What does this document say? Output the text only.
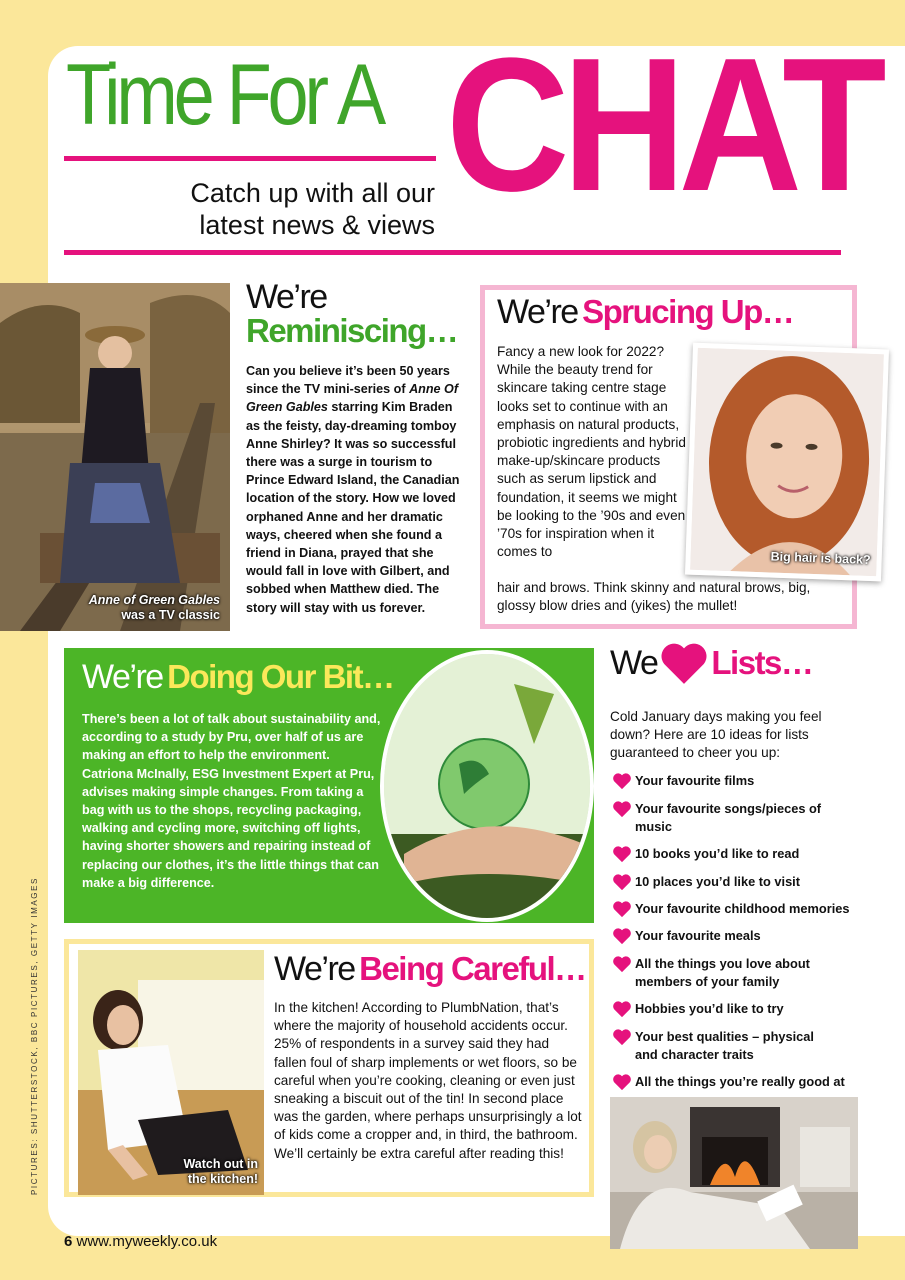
Time For A
Catch up with all our
latest news & views CHAT
Anne of Green Gables
was a TV classic
We’re
Reminiscing…
Can you believe it’s been 50 years since the TV mini-series of Anne Of Green Gables starring Kim Braden as the feisty, day-dreaming tomboy Anne Shirley? It was so successful there was a surge in tourism to Prince Edward Island, the Canadian location of the story. How we loved orphaned Anne and her dramatic ways, cheered when she found a friend in Diana, prayed that she would fall in love with Gilbert, and sobbed when Matthew died. The story will stay with us forever.
We’re Sprucing Up…
Fancy a new look for 2022? While the beauty trend for skincare taking centre stage looks set to continue with an emphasis on natural products, probiotic ingredients and hybrid make-up/skincare products such as serum lipstick and foundation, it seems we might be looking to the ’90s and even ’70s for inspiration when it comes to
hair and brows. Think skinny and natural brows, big, glossy blow dries and (yikes) the mullet!
Big hair is back?
We’re Doing Our Bit…
There’s been a lot of talk about sustainability and, according to a study by Pru, over half of us are making an effort to help the environment. Catriona McInally, ESG Investment Expert at Pru, advises making simple changes. From taking a bag with us to the shops, recycling packaging, walking and cycling more, switching off lights, having shorter showers and repairing instead of replacing our clothes, it’s the little things that can make a big difference.
We Lists…
Cold January days making you feel down? Here are 10 ideas for lists guaranteed to cheer you up:
Your favourite films
Your favourite songs/pieces of music
10 books you’d like to read
10 places you’d like to visit
Your favourite childhood memories
Your favourite meals
All the things you love about members of your family
Hobbies you’d like to try
Your best qualities – physical and character traits
All the things you’re really good at
Watch out in
the kitchen!
We’re Being Careful…
In the kitchen! According to PlumbNation, that’s where the majority of household accidents occur. 25% of respondents in a survey said they had fallen foul of sharp implements or wet floors, so be careful when you’re cooking, cleaning or even just sneaking a biscuit out of the tin! In second place was the garden, where perhaps unsurprisingly a lot of kids come a cropper and, in third, the bathroom. We’ll certainly be extra careful after reading this!
PICTURES: SHUTTERSTOCK, BBC PICTURES, GETTY IMAGES
6 www.myweekly.co.uk
